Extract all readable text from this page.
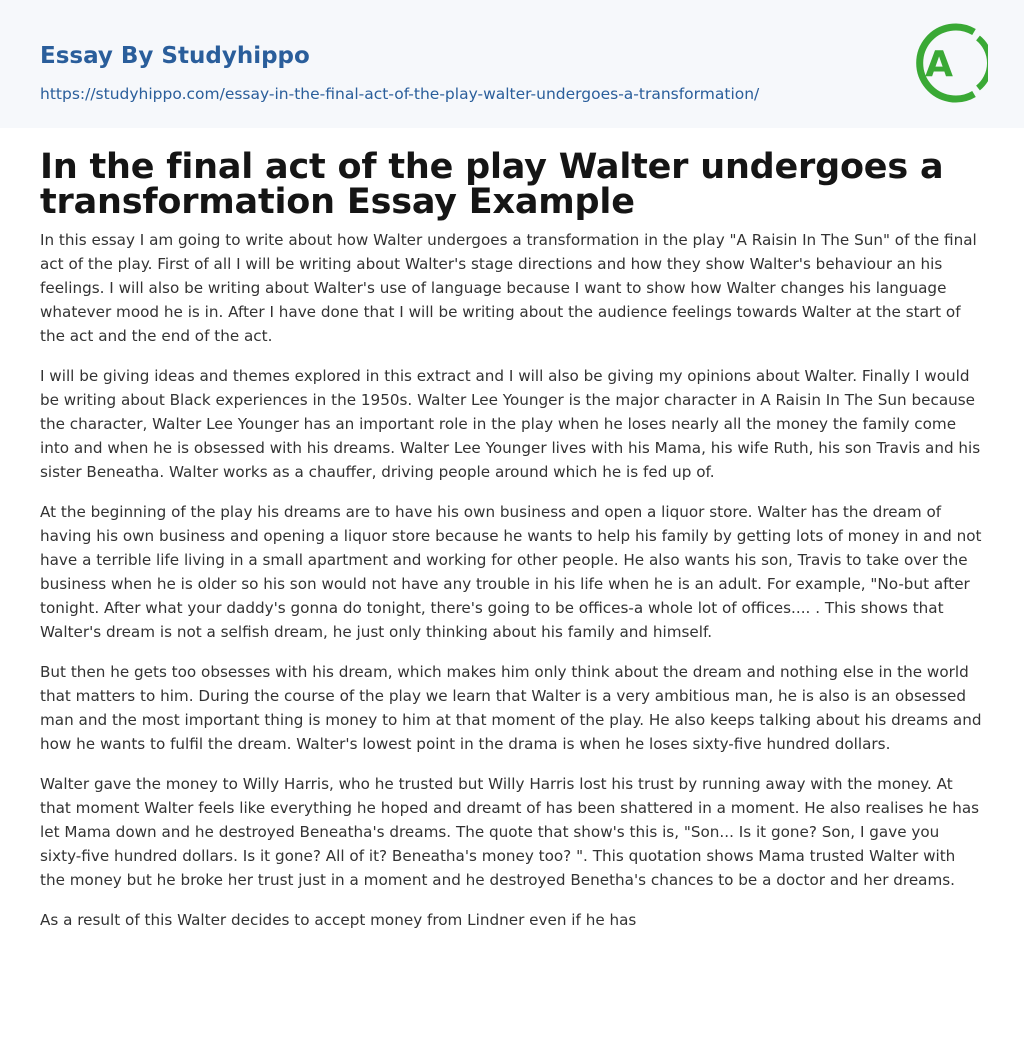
Essay By Studyhippo
https://studyhippo.com/essay-in-the-final-act-of-the-play-walter-undergoes-a-transformation/
A
In the final act of the play Walter undergoes a transformation Essay Example

In this essay I am going to write about how Walter undergoes a transformation in the play "A Raisin In The Sun" of the final act of the play. First of all I will be writing about Walter's stage directions and how they show Walter's behaviour an his feelings. I will also be writing about Walter's use of language because I want to show how Walter changes his language whatever mood he is in. After I have done that I will be writing about the audience feelings towards Walter at the start of the act and the end of the act.

I will be giving ideas and themes explored in this extract and I will also be giving my opinions about Walter. Finally I would be writing about Black experiences in the 1950s. Walter Lee Younger is the major character in A Raisin In The Sun because the character, Walter Lee Younger has an important role in the play when he loses nearly all the money the family come into and when he is obsessed with his dreams. Walter Lee Younger lives with his Mama, his wife Ruth, his son Travis and his sister Beneatha. Walter works as a chauffer, driving people around which he is fed up of.

At the beginning of the play his dreams are to have his own business and open a liquor store. Walter has the dream of having his own business and opening a liquor store because he wants to help his family by getting lots of money in and not have a terrible life living in a small apartment and working for other people. He also wants his son, Travis to take over the business when he is older so his son would not have any trouble in his life when he is an adult. For example, "No-but after tonight. After what your daddy's gonna do tonight, there's going to be offices-a whole lot of offices.... . This shows that Walter's dream is not a selfish dream, he just only thinking about his family and himself.

But then he gets too obsesses with his dream, which makes him only think about the dream and nothing else in the world that matters to him. During the course of the play we learn that Walter is a very ambitious man, he is also is an obsessed man and the most important thing is money to him at that moment of the play. He also keeps talking about his dreams and how he wants to fulfil the dream. Walter's lowest point in the drama is when he loses sixty-five hundred dollars.

Walter gave the money to Willy Harris, who he trusted but Willy Harris lost his trust by running away with the money. At that moment Walter feels like everything he hoped and dreamt of has been shattered in a moment. He also realises he has let Mama down and he destroyed Beneatha's dreams. The quote that show's this is, "Son... Is it gone? Son, I gave you sixty-five hundred dollars. Is it gone? All of it? Beneatha's money too? ". This quotation shows Mama trusted Walter with the money but he broke her trust just in a moment and he destroyed Benetha's chances to be a doctor and her dreams.

As a result of this Walter decides to accept money from Lindner even if he has
